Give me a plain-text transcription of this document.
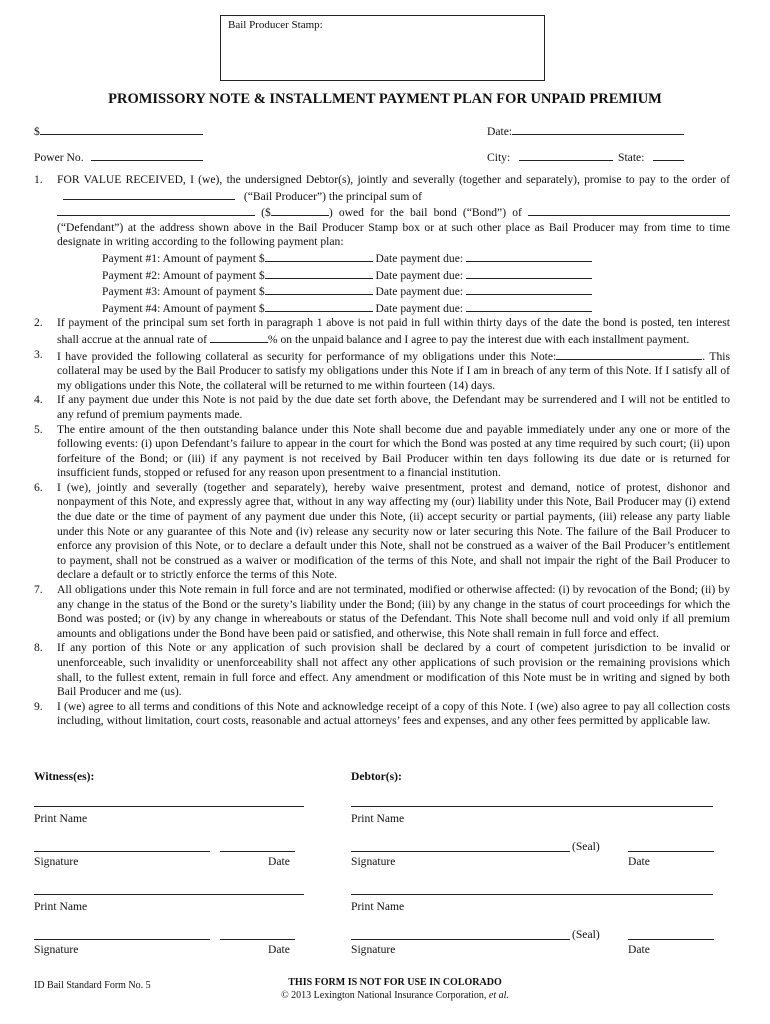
Bail Producer Stamp:
PROMISSORY NOTE & INSTALLMENT PAYMENT PLAN FOR UNPAID PREMIUM
$	Date:
Power No.	City:	State:
1. FOR VALUE RECEIVED, I (we), the undersigned Debtor(s), jointly and severally (together and separately), promise to pay to the order of  (“Bail Producer”) the principal sum of
($	) owed for the bail bond (“Bond”) of  (“Defendant”) at the address shown above in the Bail Producer Stamp box or at such other place as Bail Producer may from time to time designate in writing according to the following payment plan:
Payment #1: Amount of payment $	Date payment due:
Payment #2: Amount of payment $	Date payment due:
Payment #3: Amount of payment $	Date payment due:
Payment #4: Amount of payment $	Date payment due:
2. If payment of the principal sum set forth in paragraph 1 above is not paid in full within thirty days of the date the bond is posted, ten interest shall accrue at the annual rate of	% on the unpaid balance and I agree to pay the interest due with each installment payment.
3. I have provided the following collateral as security for performance of my obligations under this Note:	. This collateral may be used by the Bail Producer to satisfy my obligations under this Note if I am in breach of any term of this Note. If I satisfy all of my obligations under this Note, the collateral will be returned to me within fourteen (14) days.
4. If any payment due under this Note is not paid by the due date set forth above, the Defendant may be surrendered and I will not be entitled to any refund of premium payments made.
5. The entire amount of the then outstanding balance under this Note shall become due and payable immediately under any one or more of the following events: (i) upon Defendant’s failure to appear in the court for which the Bond was posted at any time required by such court; (ii) upon forfeiture of the Bond; or (iii) if any payment is not received by Bail Producer within ten days following its due date or is returned for insufficient funds, stopped or refused for any reason upon presentment to a financial institution.
6. I (we), jointly and severally (together and separately), hereby waive presentment, protest and demand, notice of protest, dishonor and nonpayment of this Note, and expressly agree that, without in any way affecting my (our) liability under this Note, Bail Producer may (i) extend the due date or the time of payment of any payment due under this Note, (ii) accept security or partial payments, (iii) release any party liable under this Note or any guarantee of this Note and (iv) release any security now or later securing this Note. The failure of the Bail Producer to enforce any provision of this Note, or to declare a default under this Note, shall not be construed as a waiver of the Bail Producer’s entitlement to payment, shall not be construed as a waiver or modification of the terms of this Note, and shall not impair the right of the Bail Producer to declare a default or to strictly enforce the terms of this Note.
7. All obligations under this Note remain in full force and are not terminated, modified or otherwise affected: (i) by revocation of the Bond; (ii) by any change in the status of the Bond or the surety’s liability under the Bond; (iii) by any change in the status of court proceedings for which the Bond was posted; or (iv) by any change in whereabouts or status of the Defendant. This Note shall become null and void only if all premium amounts and obligations under the Bond have been paid or satisfied, and otherwise, this Note shall remain in full force and effect.
8. If any portion of this Note or any application of such provision shall be declared by a court of competent jurisdiction to be invalid or unenforceable, such invalidity or unenforceability shall not affect any other applications of such provision or the remaining provisions which shall, to the fullest extent, remain in full force and effect. Any amendment or modification of this Note must be in writing and signed by both Bail Producer and me (us).
9. I (we) agree to all terms and conditions of this Note and acknowledge receipt of a copy of this Note. I (we) also agree to pay all collection costs including, without limitation, court costs, reasonable and actual attorneys’ fees and expenses, and any other fees permitted by applicable law.
Witness(es):	Debtor(s):
Print Name	Print Name
(Seal)
Signature	Date	Signature	Date
Print Name	Print Name
(Seal)
Signature	Date	Signature	Date
ID Bail Standard Form No. 5	THIS FORM IS NOT FOR USE IN COLORADO
© 2013 Lexington National Insurance Corporation, et al.
